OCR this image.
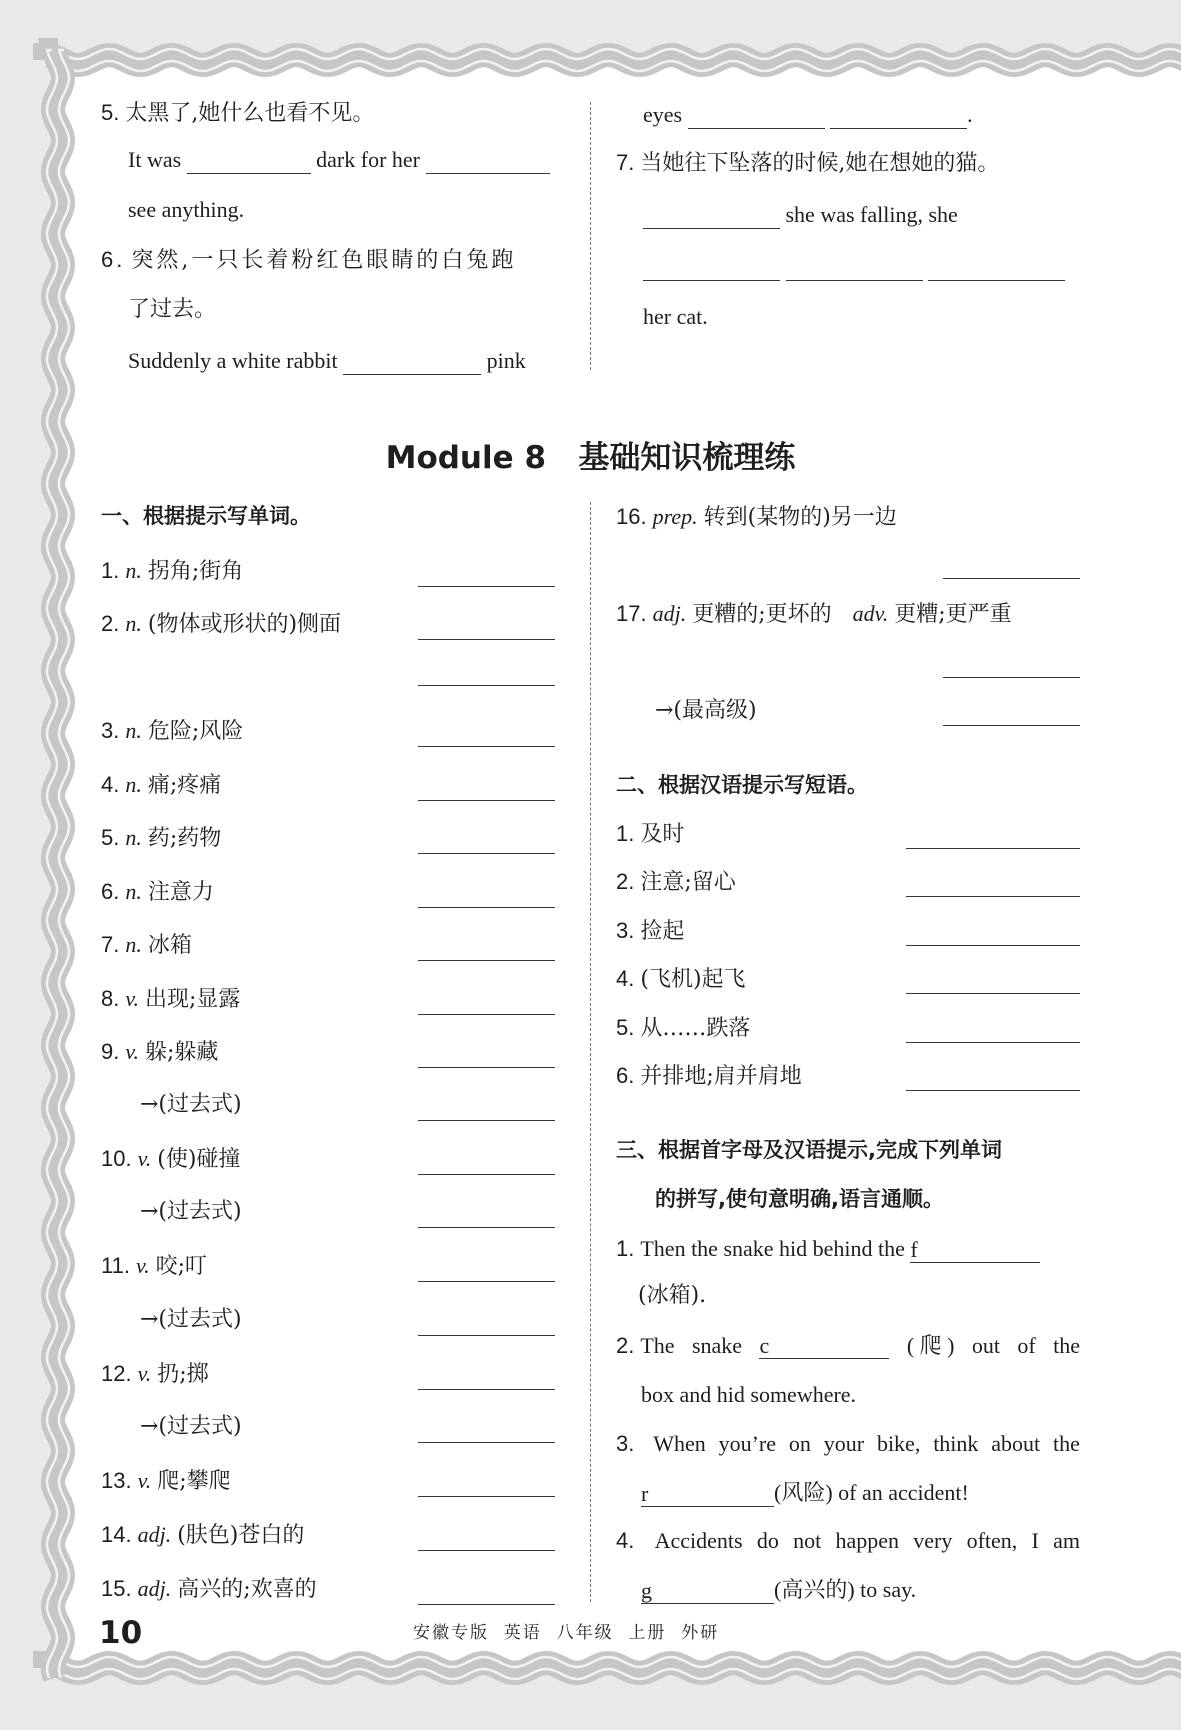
5. 太黑了,她什么也看不见。
It was	dark for her
see anything.
6. 突然,一只长着粉红色眼睛的白兔跑
了过去。
Suddenly a white rabbit	pink
eyes	.
7. 当她往下坠落的时候,她在想她的猫。
she was falling, she

her cat.
Module 8 基础知识梳理练
一、根据提示写单词。
1. n. 拐角;街角
2. n. (物体或形状的)侧面
3. n. 危险;风险
4. n. 痛;疼痛
5. n. 药;药物
6. n. 注意力
7. n. 冰箱
8. v. 出现;显露
9. v. 躲;躲藏
→(过去式)
10. v. (使)碰撞
→(过去式)
11. v. 咬;叮
→(过去式)
12. v. 扔;掷
→(过去式)
13. v. 爬;攀爬
14. adj. (肤色)苍白的
15. adj. 高兴的;欢喜的
16. prep. 转到(某物的)另一边
17. adj. 更糟的;更坏的 adv. 更糟;更严重
→(最高级)
二、根据汉语提示写短语。
1. 及时
2. 注意;留心
3. 捡起
4. (飞机)起飞
5. 从……跌落
6. 并排地;肩并肩地
三、根据首字母及汉语提示,完成下列单词
的拼写,使句意明确,语言通顺。
1. Then the snake hid behind the f
(冰箱).
2. The snake c	( 爬 ) out of the
box and hid somewhere.
3. When you’re on your bike, think about the
r	(风险) of an accident!
4. Accidents do not happen very often, I am
g	(高兴的) to say.
10	安徽专版  英语  八年级  上册  外研
